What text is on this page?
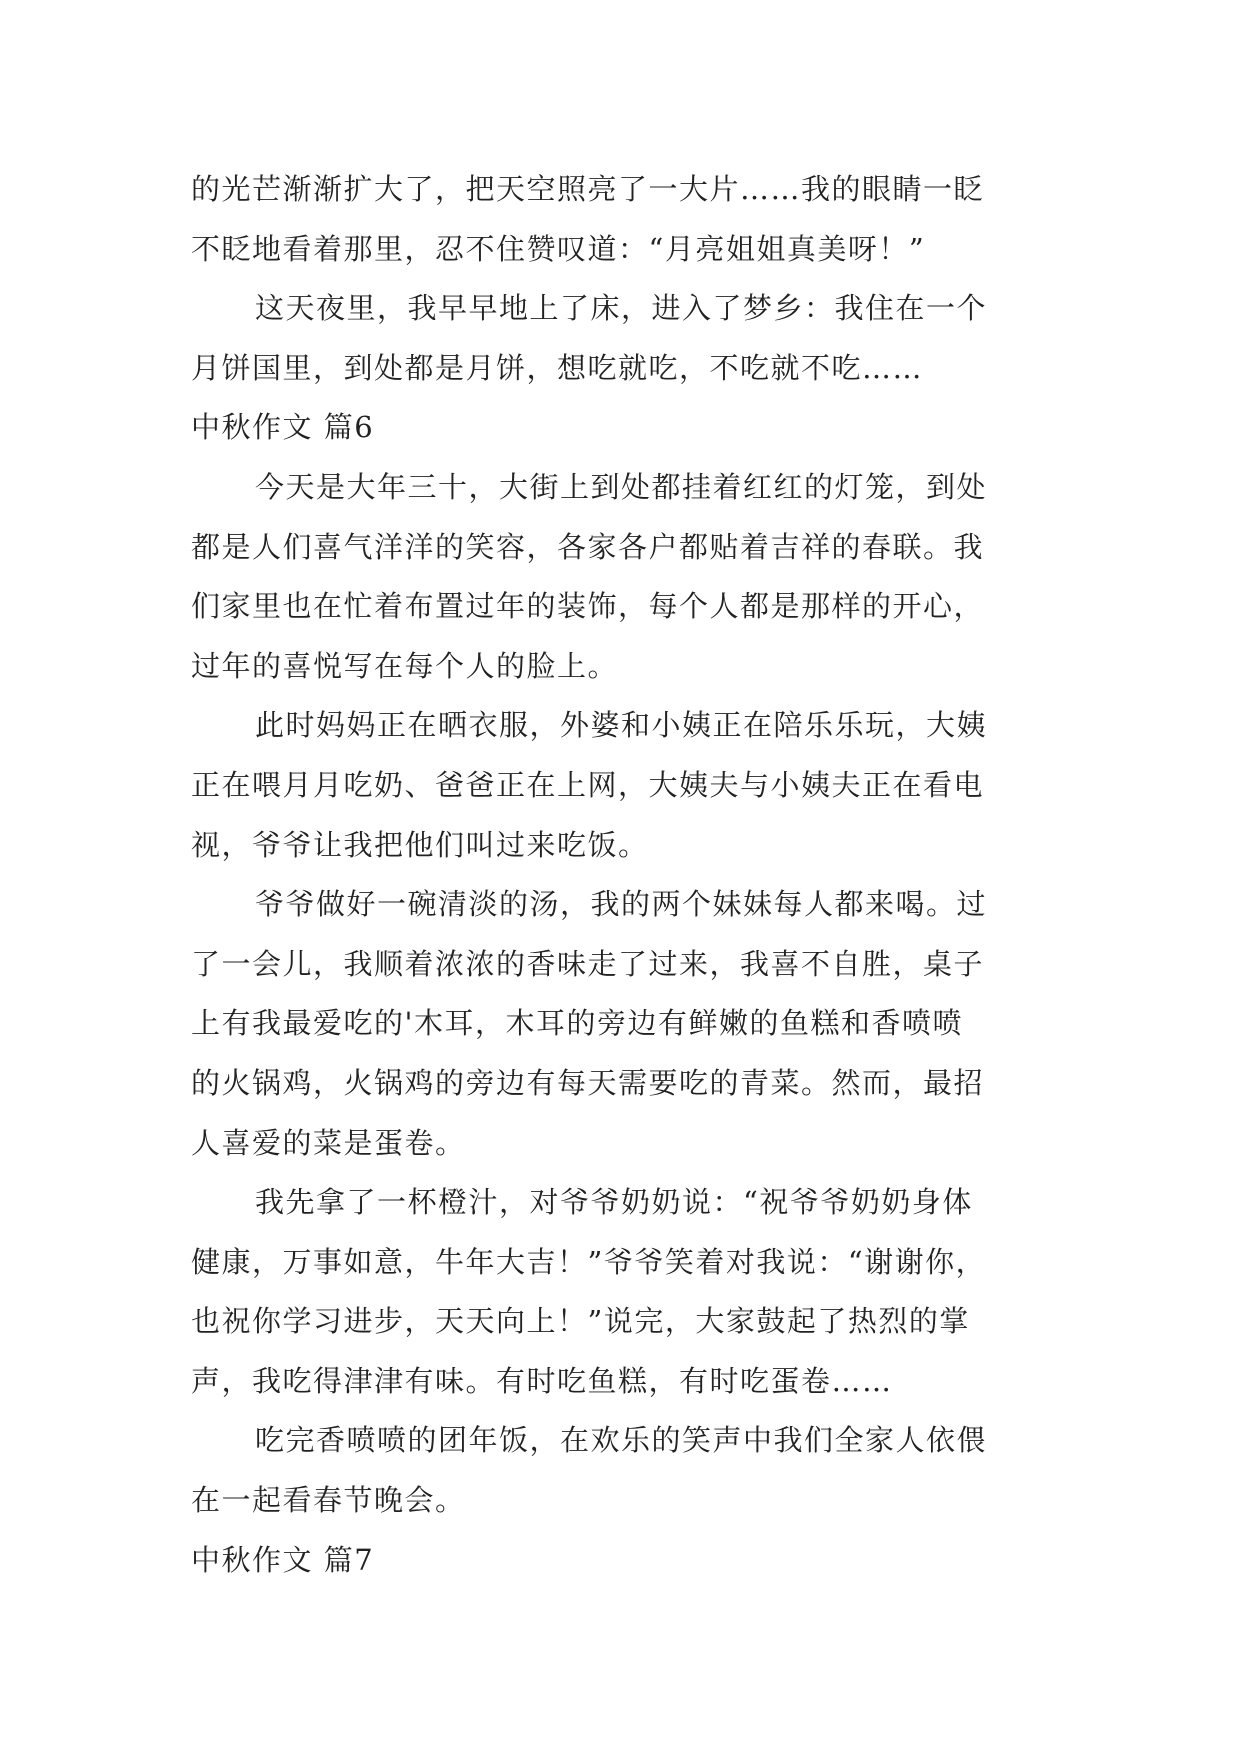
的光芒渐渐扩大了，把天空照亮了一大片……我的眼睛一眨
不眨地看着那里，忍不住赞叹道：“月亮姐姐真美呀！”
这天夜里，我早早地上了床，进入了梦乡：我住在一个
月饼国里，到处都是月饼，想吃就吃，不吃就不吃……
中秋作文 篇6
今天是大年三十，大街上到处都挂着红红的灯笼，到处
都是人们喜气洋洋的笑容，各家各户都贴着吉祥的春联。我
们家里也在忙着布置过年的装饰，每个人都是那样的开心，
过年的喜悦写在每个人的脸上。
此时妈妈正在晒衣服，外婆和小姨正在陪乐乐玩，大姨
正在喂月月吃奶、爸爸正在上网，大姨夫与小姨夫正在看电
视，爷爷让我把他们叫过来吃饭。
爷爷做好一碗清淡的汤，我的两个妹妹每人都来喝。过
了一会儿，我顺着浓浓的香味走了过来，我喜不自胜，桌子
上有我最爱吃的'木耳，木耳的旁边有鲜嫩的鱼糕和香喷喷
的火锅鸡，火锅鸡的旁边有每天需要吃的青菜。然而，最招
人喜爱的菜是蛋卷。
我先拿了一杯橙汁，对爷爷奶奶说：“祝爷爷奶奶身体
健康，万事如意，牛年大吉！”爷爷笑着对我说：“谢谢你，
也祝你学习进步，天天向上！”说完，大家鼓起了热烈的掌
声，我吃得津津有味。有时吃鱼糕，有时吃蛋卷……
吃完香喷喷的团年饭，在欢乐的笑声中我们全家人依偎
在一起看春节晚会。
中秋作文 篇7
